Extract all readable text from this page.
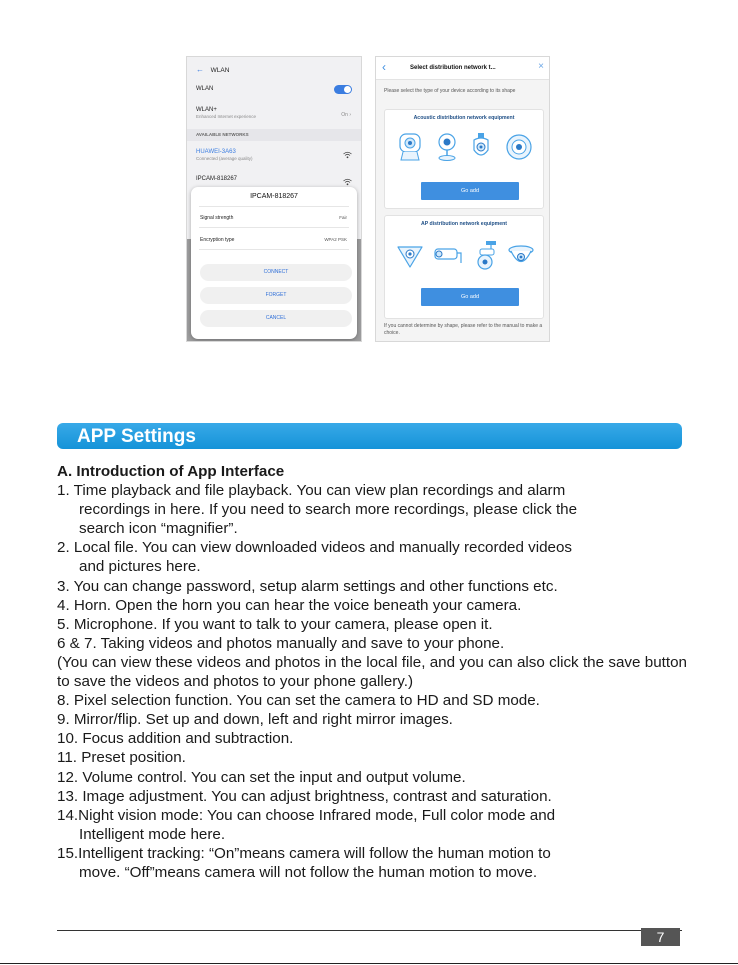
← WLAN
WLAN
WLAN+
Enhanced Internet experience	On ›
AVAILABLE NETWORKS
HUAWEI-3A63
Connected (average quality)
IPCAM-818267
IPCAM-818267
Signal strength	Fair
Encryption type	WPA2 PSK
CONNECT
FORGET
CANCEL
‹	Select distribution network t...	×
Please select the type of your device according to its shape
Acoustic distribution network equipment
Go add
AP distribution network equipment
Go add
If you cannot determine by shape, please refer to the manual to make a choice.
APP Settings
A. Introduction of App Interface
1. Time playback and file playback. You can view plan recordings and alarm
recordings in here. If you need to search more recordings, please click the
search icon “magnifier”.
2. Local file. You can view downloaded videos and manually recorded videos
and pictures here.
3. You can change password, setup alarm settings and other functions etc.
4. Horn. Open the horn you can hear the voice beneath your camera.
5. Microphone. If you want to talk to your camera, please open it.
6 & 7. Taking videos and photos manually and save to your phone.
(You can view these videos and photos in the local file, and you can also click the save button to save the videos and photos to your phone gallery.)
8. Pixel selection function. You can set the camera to HD and SD mode.
9. Mirror/flip. Set up and down, left and right mirror images.
10. Focus addition and subtraction.
11. Preset position.
12. Volume control. You can set the input and output volume.
13. Image adjustment. You can adjust brightness, contrast and saturation.
14.Night vision mode: You can choose Infrared mode, Full color mode and
Intelligent mode here.
15.Intelligent tracking: “On”means camera will follow the human motion to
move. “Off”means camera will not follow the human motion to move.
7
